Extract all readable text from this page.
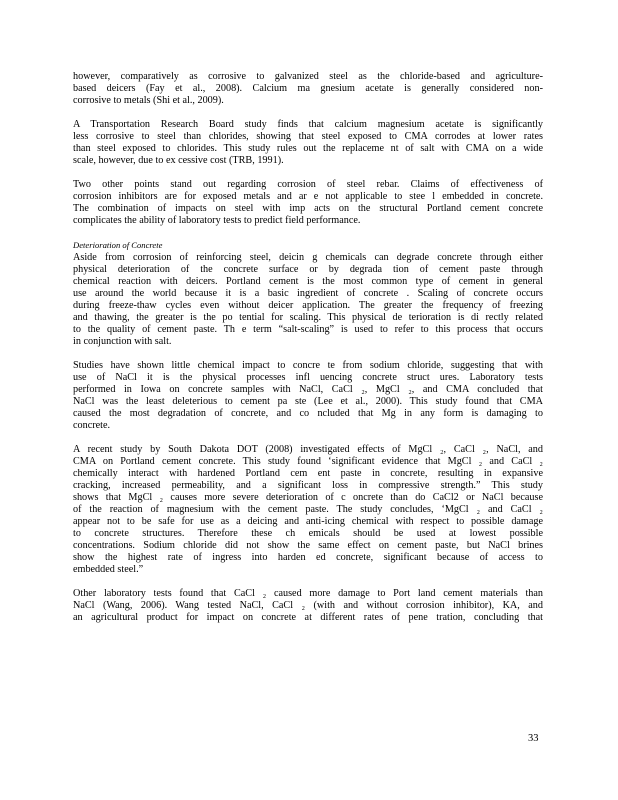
however, comparatively as corrosive to galvanized steel as the chloride-based and agriculture-
based deicers (Fay et al., 2008). Calcium ma gnesium acetate is generally considered non-
corrosive to metals (Shi et al., 2009).
A Transportation Research Board study finds that calcium magnesium acetate is significantly
less corrosive to steel than chlorides, showing that steel exposed to CMA corrodes at lower rates
than steel exposed to chlorides. This study rules out the replaceme nt of salt with CMA on a wide
scale, however, due to ex cessive cost (TRB, 1991).
Two other points stand out regarding corrosion of steel rebar. Claims of effectiveness of
corrosion inhibitors are for exposed metals and ar e not applicable to stee l embedded in concrete.
The combination of impacts on steel with imp acts on the structural Portland cement concrete
complicates the ability of laboratory tests to predict field performance.
Deterioration of Concrete
Aside from corrosion of reinforcing steel, deicin g chemicals can degrade concrete through either
physical deterioration of the concrete surface or by degrada tion of cement paste through
chemical reaction with deicers. Portland cement is the most common type of cement in general
use around the world because it is a basic ingredient of concrete . Scaling of concrete occurs
during freeze-thaw cycles even without deicer application. The greater the frequency of freezing
and thawing, the greater is the po tential for scaling. This physical de terioration is di rectly related
to the quality of cement paste. Th e term “salt-scaling” is used to refer to this process that occurs
in conjunction with salt.
Studies have shown little chemical impact to concre te from sodium chloride, suggesting that with
use of NaCl it is the physical processes infl uencing concrete struct ures. Laboratory tests
performed in Iowa on concrete samples with NaCl, CaCl ₂, MgCl ₂, and CMA concluded that
NaCl was the least deleterious to cement pa ste (Lee et al., 2000). This study found that CMA
caused the most degradation of concrete, and co ncluded that Mg in any form is damaging to
concrete.
A recent study by South Dakota DOT (2008) investigated effects of MgCl ₂, CaCl ₂, NaCl, and
CMA on Portland cement concrete. This study found ‘significant evidence that MgCl ₂ and CaCl ₂
chemically interact with hardened Portland cem ent paste in concrete, resulting in expansive
cracking, increased permeability, and a significant loss in compressive strength.” This study
shows that MgCl ₂ causes more severe deterioration of c oncrete than do CaCl2 or NaCl because
of the reaction of magnesium with the cement paste. The study concludes, ‘MgCl ₂ and CaCl ₂
appear not to be safe for use as a deicing and anti-icing chemical with respect to possible damage
to concrete structures. Therefore these ch emicals should be used at lowest possible
concentrations. Sodium chloride did not show the same effect on cement paste, but NaCl brines
show the highest rate of ingress into harden ed concrete, significant because of access to
embedded steel.”
Other laboratory tests found that CaCl ₂ caused more damage to Port land cement materials than
NaCl (Wang, 2006). Wang tested NaCl, CaCl ₂ (with and without corrosion inhibitor), KA, and
an agricultural product for impact on concrete at different rates of pene tration, concluding that
33
